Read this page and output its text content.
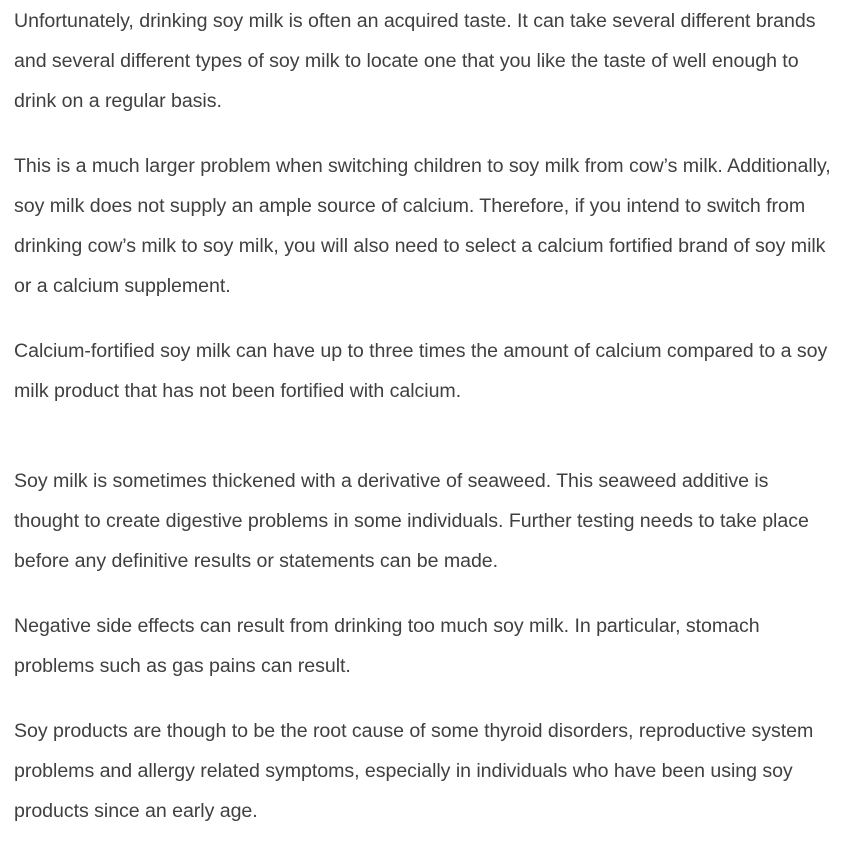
Unfortunately, drinking soy milk is often an acquired taste. It can take several different brands and several different types of soy milk to locate one that you like the taste of well enough to drink on a regular basis.

This is a much larger problem when switching children to soy milk from cow’s milk. Additionally, soy milk does not supply an ample source of calcium. Therefore, if you intend to switch from drinking cow’s milk to soy milk, you will also need to select a calcium fortified brand of soy milk or a calcium supplement.

Calcium-fortified soy milk can have up to three times the amount of calcium compared to a soy milk product that has not been fortified with calcium.

Soy milk is sometimes thickened with a derivative of seaweed. This seaweed additive is thought to create digestive problems in some individuals. Further testing needs to take place before any definitive results or statements can be made.

Negative side effects can result from drinking too much soy milk. In particular, stomach problems such as gas pains can result.

Soy products are though to be the root cause of some thyroid disorders, reproductive system problems and allergy related symptoms, especially in individuals who have been using soy products since an early age.
